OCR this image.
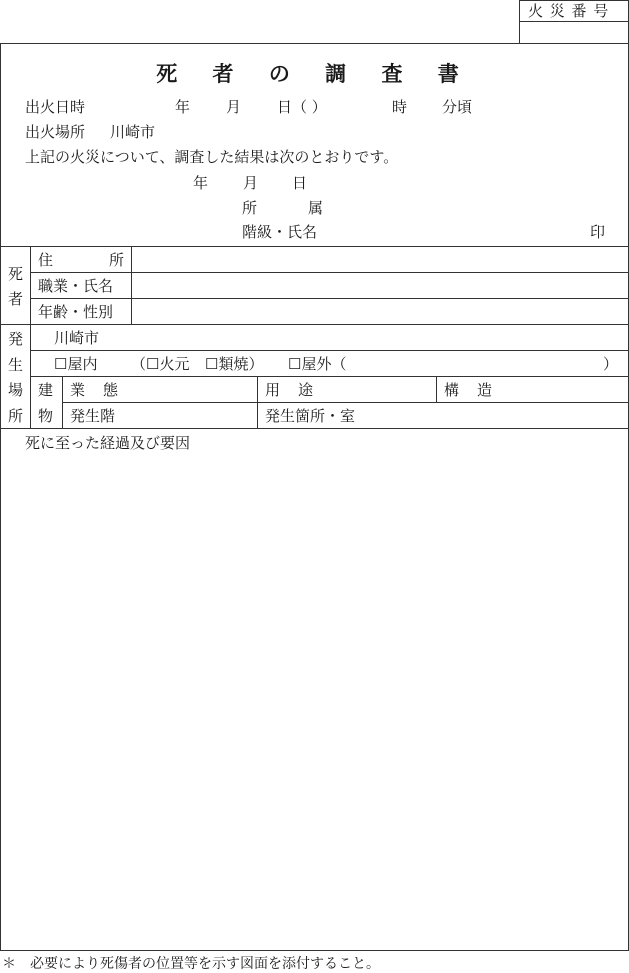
火 災 番 号
死 者 の 調 査 書
出火日時	年 月 日（ ）	時 分頃
出火場所 川崎市
上記の火災について、調査した結果は次のとおりです。
年 月 日
所	属
階級・氏名	印
死
者
住	所
職業・氏名
年齢・性別
発
生
場
所
川崎市
☐屋内 （☐火元 ☐類焼） ☐屋外（	）
建
物
業 態	用 途	構 造
発生階	発生箇所・室
死に至った経過及び要因
＊ 必要により死傷者の位置等を示す図面を添付すること。
